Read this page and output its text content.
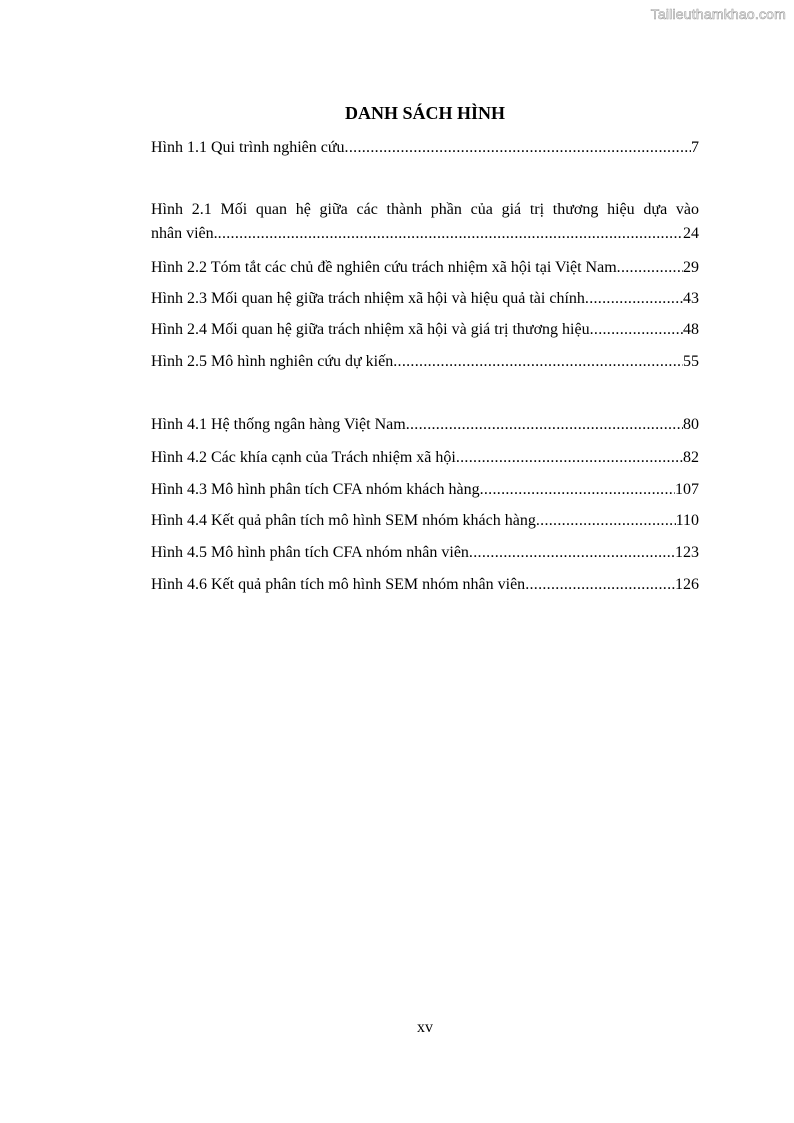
Tailieuthamkhao.com
DANH SÁCH HÌNH
Hình 1.1 Qui trình nghiên cứu .....	7
Hình 2.1 Mối quan hệ giữa các thành phần của giá trị thương hiệu dựa vào
nhân viên. .....	24
Hình 2.2 Tóm tắt các chủ đề nghiên cứu trách nhiệm xã hội tại Việt Nam .....	29
Hình 2.3 Mối quan hệ giữa trách nhiệm xã hội và hiệu quả tài chính .....	43
Hình 2.4 Mối quan hệ giữa trách nhiệm xã hội và giá trị thương hiệu .....	48
Hình 2.5 Mô hình nghiên cứu dự kiến .....	55
Hình 4.1 Hệ thống ngân hàng Việt Nam .....	80
Hình 4.2 Các khía cạnh của Trách nhiệm xã hội .....	82
Hình 4.3 Mô hình phân tích CFA nhóm khách hàng .....	107
Hình 4.4 Kết quả phân tích mô hình SEM nhóm khách hàng .....	110
Hình 4.5 Mô hình phân tích CFA nhóm nhân viên .....	123
Hình 4.6 Kết quả phân tích mô hình SEM nhóm nhân viên .....	126
xv
